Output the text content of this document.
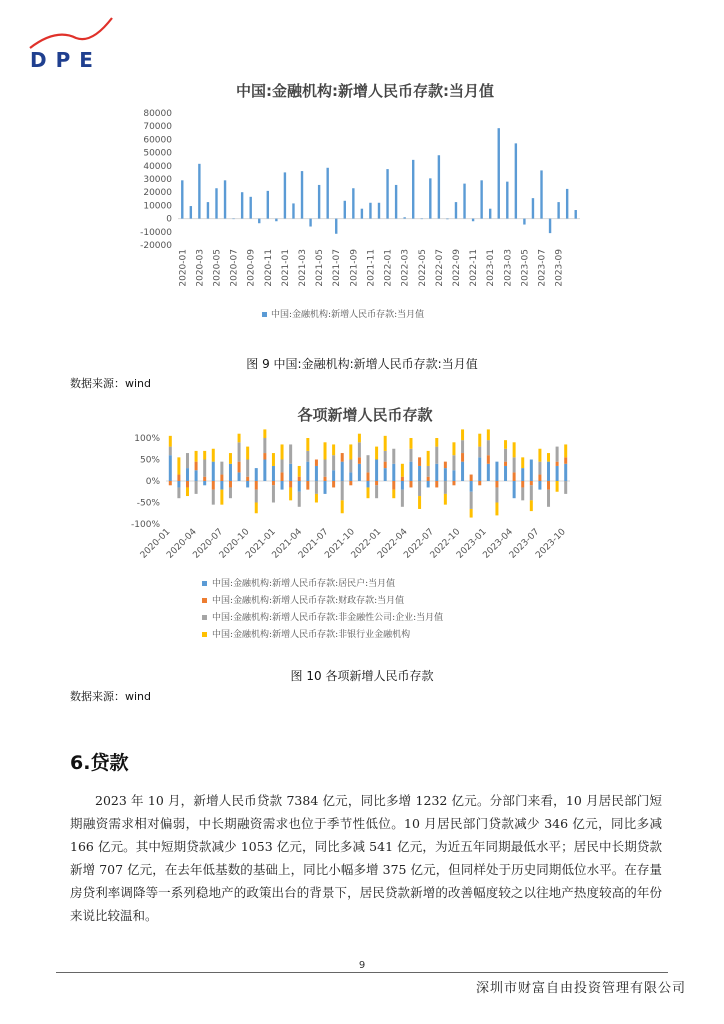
DPE
中国:金融机构:新增人民币存款:当月值
-20000
-10000
0
10000
20000
30000
40000
50000
60000
70000
80000
2020-01 2020-03 2020-05 2020-07 2020-09 2020-11 2021-01 2021-03 2021-05 2021-07 2021-09 2021-11 2022-01 2022-03 2022-05 2022-07 2022-09 2022-11 2023-01 2023-03 2023-05 2023-07 2023-09
中国:金融机构:新增人民币存款:当月值
图 9 中国:金融机构:新增人民币存款:当月值
数据来源：wind
各项新增人民币存款
100%
50%
0%
-50%
-100%
2020-01
2020-04
2020-07
2020-10
2021-01
2021-04
2021-07
2021-10
2022-01
2022-04
2022-07
2022-10
2023-01
2023-04
2023-07
2023-10
中国:金融机构:新增人民币存款:居民户:当月值
中国:金融机构:新增人民币存款:财政存款:当月值
中国:金融机构:新增人民币存款:非金融性公司:企业:当月值
中国:金融机构:新增人民币存款:非银行业金融机构
图 10 各项新增人民币存款
数据来源：wind
6.贷款
2023 年 10 月，新增人民币贷款 7384 亿元，同比多增 1232 亿元。分部门来看，10 月居民部门短期融资需求相对偏弱，中长期融资需求也位于季节性低位。10 月居民部门贷款减少 346 亿元，同比多减 166 亿元。其中短期贷款减少 1053 亿元，同比多减 541 亿元，为近五年同期最低水平；居民中长期贷款新增 707 亿元，在去年低基数的基础上，同比小幅多增 375 亿元，但同样处于历史同期低位水平。在存量房贷利率调降等一系列稳地产的政策出台的背景下，居民贷款新增的改善幅度较之以往地产热度较高的年份来说比较温和。
9
深圳市财富自由投资管理有限公司
